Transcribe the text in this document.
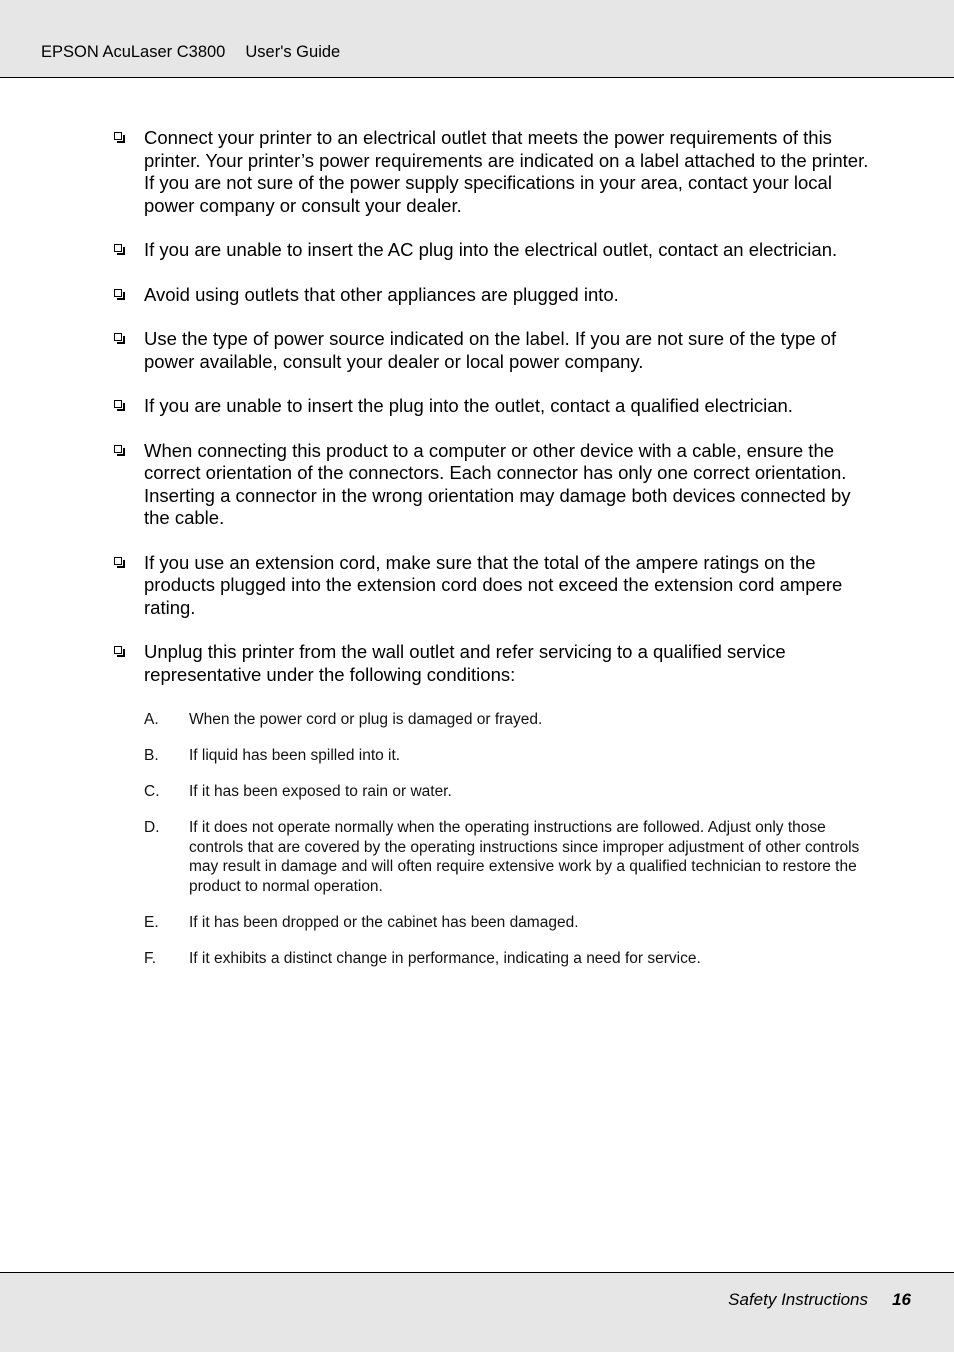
EPSON AcuLaser C3800 User's Guide
Connect your printer to an electrical outlet that meets the power requirements of this printer. Your printer’s power requirements are indicated on a label attached to the printer. If you are not sure of the power supply specifications in your area, contact your local power company or consult your dealer.
If you are unable to insert the AC plug into the electrical outlet, contact an electrician.
Avoid using outlets that other appliances are plugged into.
Use the type of power source indicated on the label. If you are not sure of the type of power available, consult your dealer or local power company.
If you are unable to insert the plug into the outlet, contact a qualified electrician.
When connecting this product to a computer or other device with a cable, ensure the correct orientation of the connectors. Each connector has only one correct orientation. Inserting a connector in the wrong orientation may damage both devices connected by the cable.
If you use an extension cord, make sure that the total of the ampere ratings on the products plugged into the extension cord does not exceed the extension cord ampere rating.
Unplug this printer from the wall outlet and refer servicing to a qualified service representative under the following conditions:
A. When the power cord or plug is damaged or frayed.
B. If liquid has been spilled into it.
C. If it has been exposed to rain or water.
D. If it does not operate normally when the operating instructions are followed. Adjust only those controls that are covered by the operating instructions since improper adjustment of other controls may result in damage and will often require extensive work by a qualified technician to restore the product to normal operation.
E. If it has been dropped or the cabinet has been damaged.
F. If it exhibits a distinct change in performance, indicating a need for service.
Safety Instructions 16
